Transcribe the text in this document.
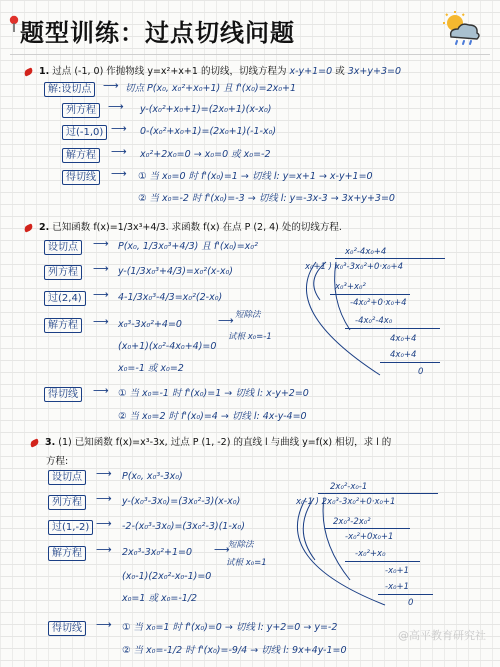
题型训练：过点切线问题
1. 过点 (-1, 0) 作抛物线 y=x²+x+1 的切线，切线方程为 x-y+1=0 或 3x+y+3=0
解:设切点	⟶ 切点 P(x₀, x₀²+x₀+1) 且 f'(x₀)=2x₀+1
列方程	⟶ y-(x₀²+x₀+1)=(2x₀+1)(x-x₀)
过(-1,0) ⟶ 0-(x₀²+x₀+1)=(2x₀+1)(-1-x₀)
解方程	⟶ x₀²+2x₀=0 → x₀=0 或 x₀=-2
得切线	⟶ ① 当 x₀=0 时 f'(x₀)=1 → 切线 l: y=x+1 → x-y+1=0
② 当 x₀=-2 时 f'(x₀)=-3 → 切线 l: y=-3x-3 → 3x+y+3=0
2. 已知函数 f(x)=1/3x³+4/3. 求函数 f(x) 在点 P (2, 4) 处的切线方程.
设切点	⟶ P(x₀, 1/3x₀³+4/3) 且 f'(x₀)=x₀²
列方程	⟶ y-(1/3x₀³+4/3)=x₀²(x-x₀)
过(2,4)	⟶ 4-1/3x₀³-4/3=x₀²(2-x₀)
解方程	⟶ x₀³-3x₀²+4=0
短除法
试根 x₀=-1
⟶
(x₀+1)(x₀²-4x₀+4)=0
x₀=-1 或 x₀=2
得切线	⟶ ① 当 x₀=-1 时 f'(x₀)=1 → 切线 l: x-y+2=0
② 当 x₀=2 时 f'(x₀)=4 → 切线 l: 4x-y-4=0
x₀²-4x₀+4
x₀+1 ) x₀³-3x₀²+0·x₀+4
x₀³+x₀²
-4x₀²+0·x₀+4
-4x₀²-4x₀
4x₀+4
4x₀+4
0
3. (1) 已知函数 f(x)=x³-3x, 过点 P (1, -2) 的直线 l 与曲线 y=f(x) 相切，求 l 的
方程:
设切点	⟶ P(x₀, x₀³-3x₀)
列方程	⟶ y-(x₀³-3x₀)=(3x₀²-3)(x-x₀)
过(1,-2) ⟶ -2-(x₀³-3x₀)=(3x₀²-3)(1-x₀)
解方程	⟶ 2x₀³-3x₀²+1=0
短除法
试根 x₀=1
⟶
(x₀-1)(2x₀²-x₀-1)=0
x₀=1 或 x₀=-1/2
得切线	⟶ ① 当 x₀=1 时 f'(x₀)=0 → 切线 l: y+2=0 → y=-2
② 当 x₀=-1/2 时 f'(x₀)=-9/4 → 切线 l: 9x+4y-1=0
2x₀²-x₀-1
x₀-1 ) 2x₀³-3x₀²+0·x₀+1
2x₀³-2x₀²
-x₀²+0x₀+1
-x₀²+x₀
-x₀+1
-x₀+1
0
@高平教育研究社
